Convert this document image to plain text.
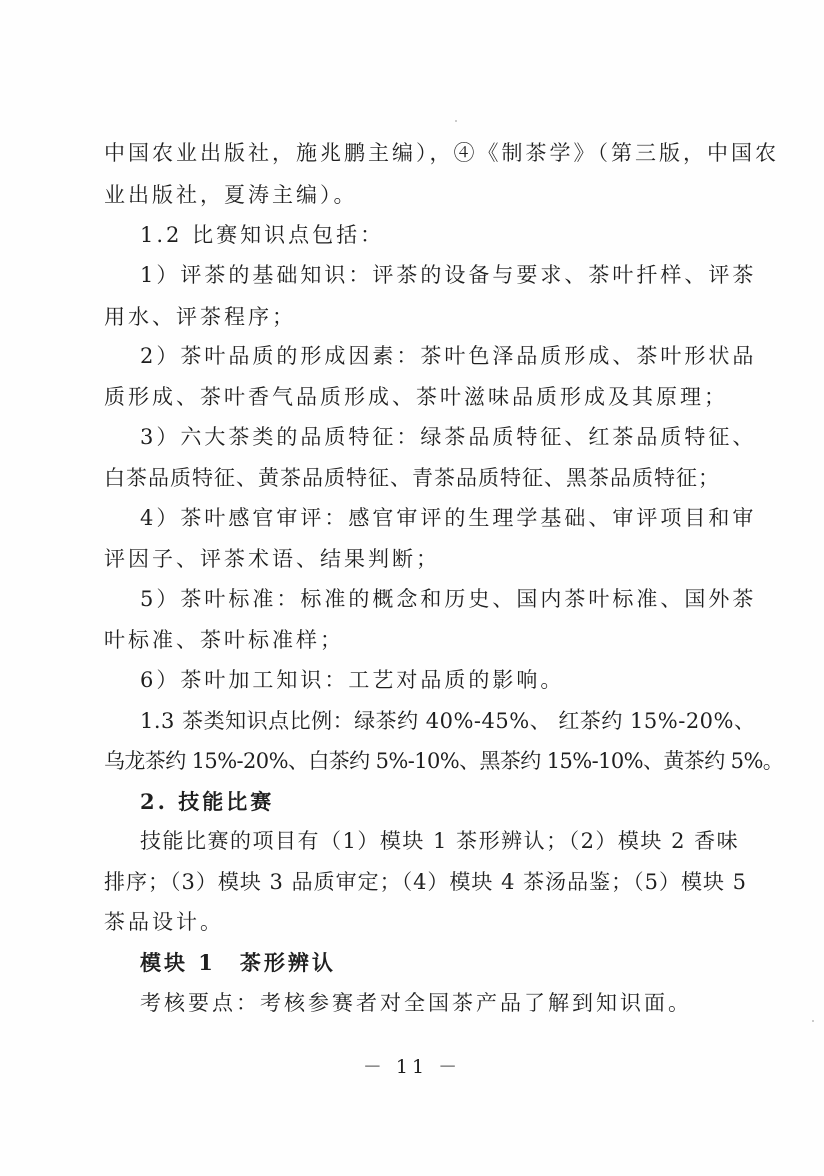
中国农业出版社，施兆鹏主编），④《制茶学》（第三版，中国农
业出版社，夏涛主编）。
1.2 比赛知识点包括：
1）评茶的基础知识：评茶的设备与要求、茶叶扦样、评茶
用水、评茶程序；
2）茶叶品质的形成因素：茶叶色泽品质形成、茶叶形状品
质形成、茶叶香气品质形成、茶叶滋味品质形成及其原理；
3）六大茶类的品质特征：绿茶品质特征、红茶品质特征、
白茶品质特征、黄茶品质特征、青茶品质特征、黑茶品质特征；
4）茶叶感官审评：感官审评的生理学基础、审评项目和审
评因子、评茶术语、结果判断；
5）茶叶标准：标准的概念和历史、国内茶叶标准、国外茶
叶标准、茶叶标准样；
6）茶叶加工知识：工艺对品质的影响。
1.3 茶类知识点比例：绿茶约 40%-45%、 红茶约 15%-20%、
乌龙茶约 15%-20%、白茶约 5%-10%、黑茶约 15%-10%、黄茶约 5%。
2. 技能比赛
技能比赛的项目有（1）模块 1 茶形辨认；（2）模块 2 香味
排序；（3）模块 3 品质审定；（4）模块 4 茶汤品鉴；（5）模块 5
茶品设计。
模块 1　茶形辨认
考核要点：考核参赛者对全国茶产品了解到知识面。
－ 11 －
